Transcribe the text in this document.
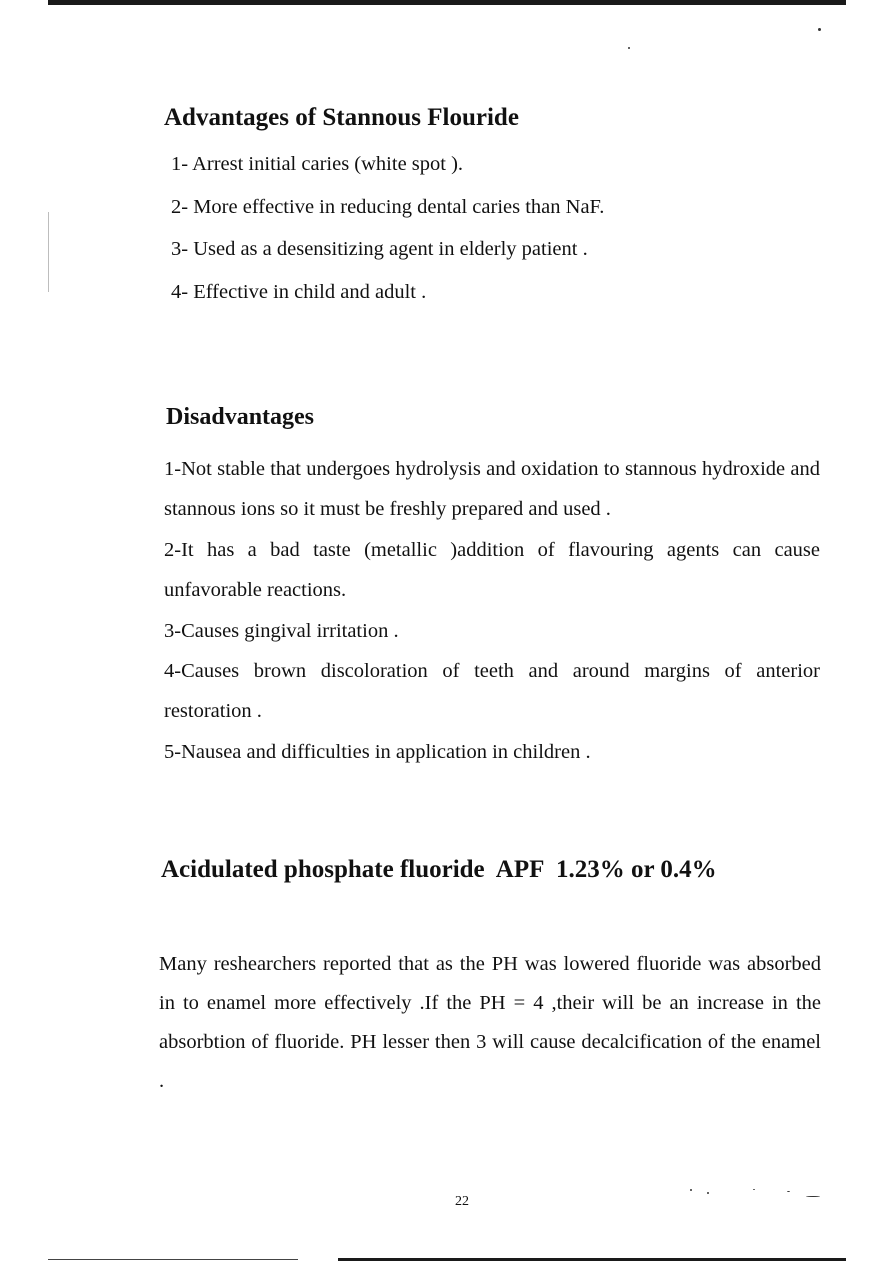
Advantages of Stannous Flouride
1- Arrest initial caries (white spot ).
2- More effective in reducing dental caries than NaF.
3- Used as a desensitizing agent in elderly patient .
4- Effective in child and adult .
Disadvantages

1-Not stable that undergoes hydrolysis and oxidation to stannous hydroxide and stannous ions so it must be freshly prepared and used .

2-It has a bad taste (metallic )addition of flavouring agents can cause unfavorable reactions.

3-Causes gingival irritation .

4-Causes brown discoloration of teeth and around margins of anterior restoration .

5-Nausea and difficulties in application in children .

Acidulated phosphate fluoride  APF  1.23% or 0.4%

Many reshearchers reported that as the PH was lowered fluoride was absorbed in to enamel more effectively .If the PH = 4 ,their will be an increase in the absorbtion of fluoride. PH lesser then 3 will cause decalcification of the enamel .

22
